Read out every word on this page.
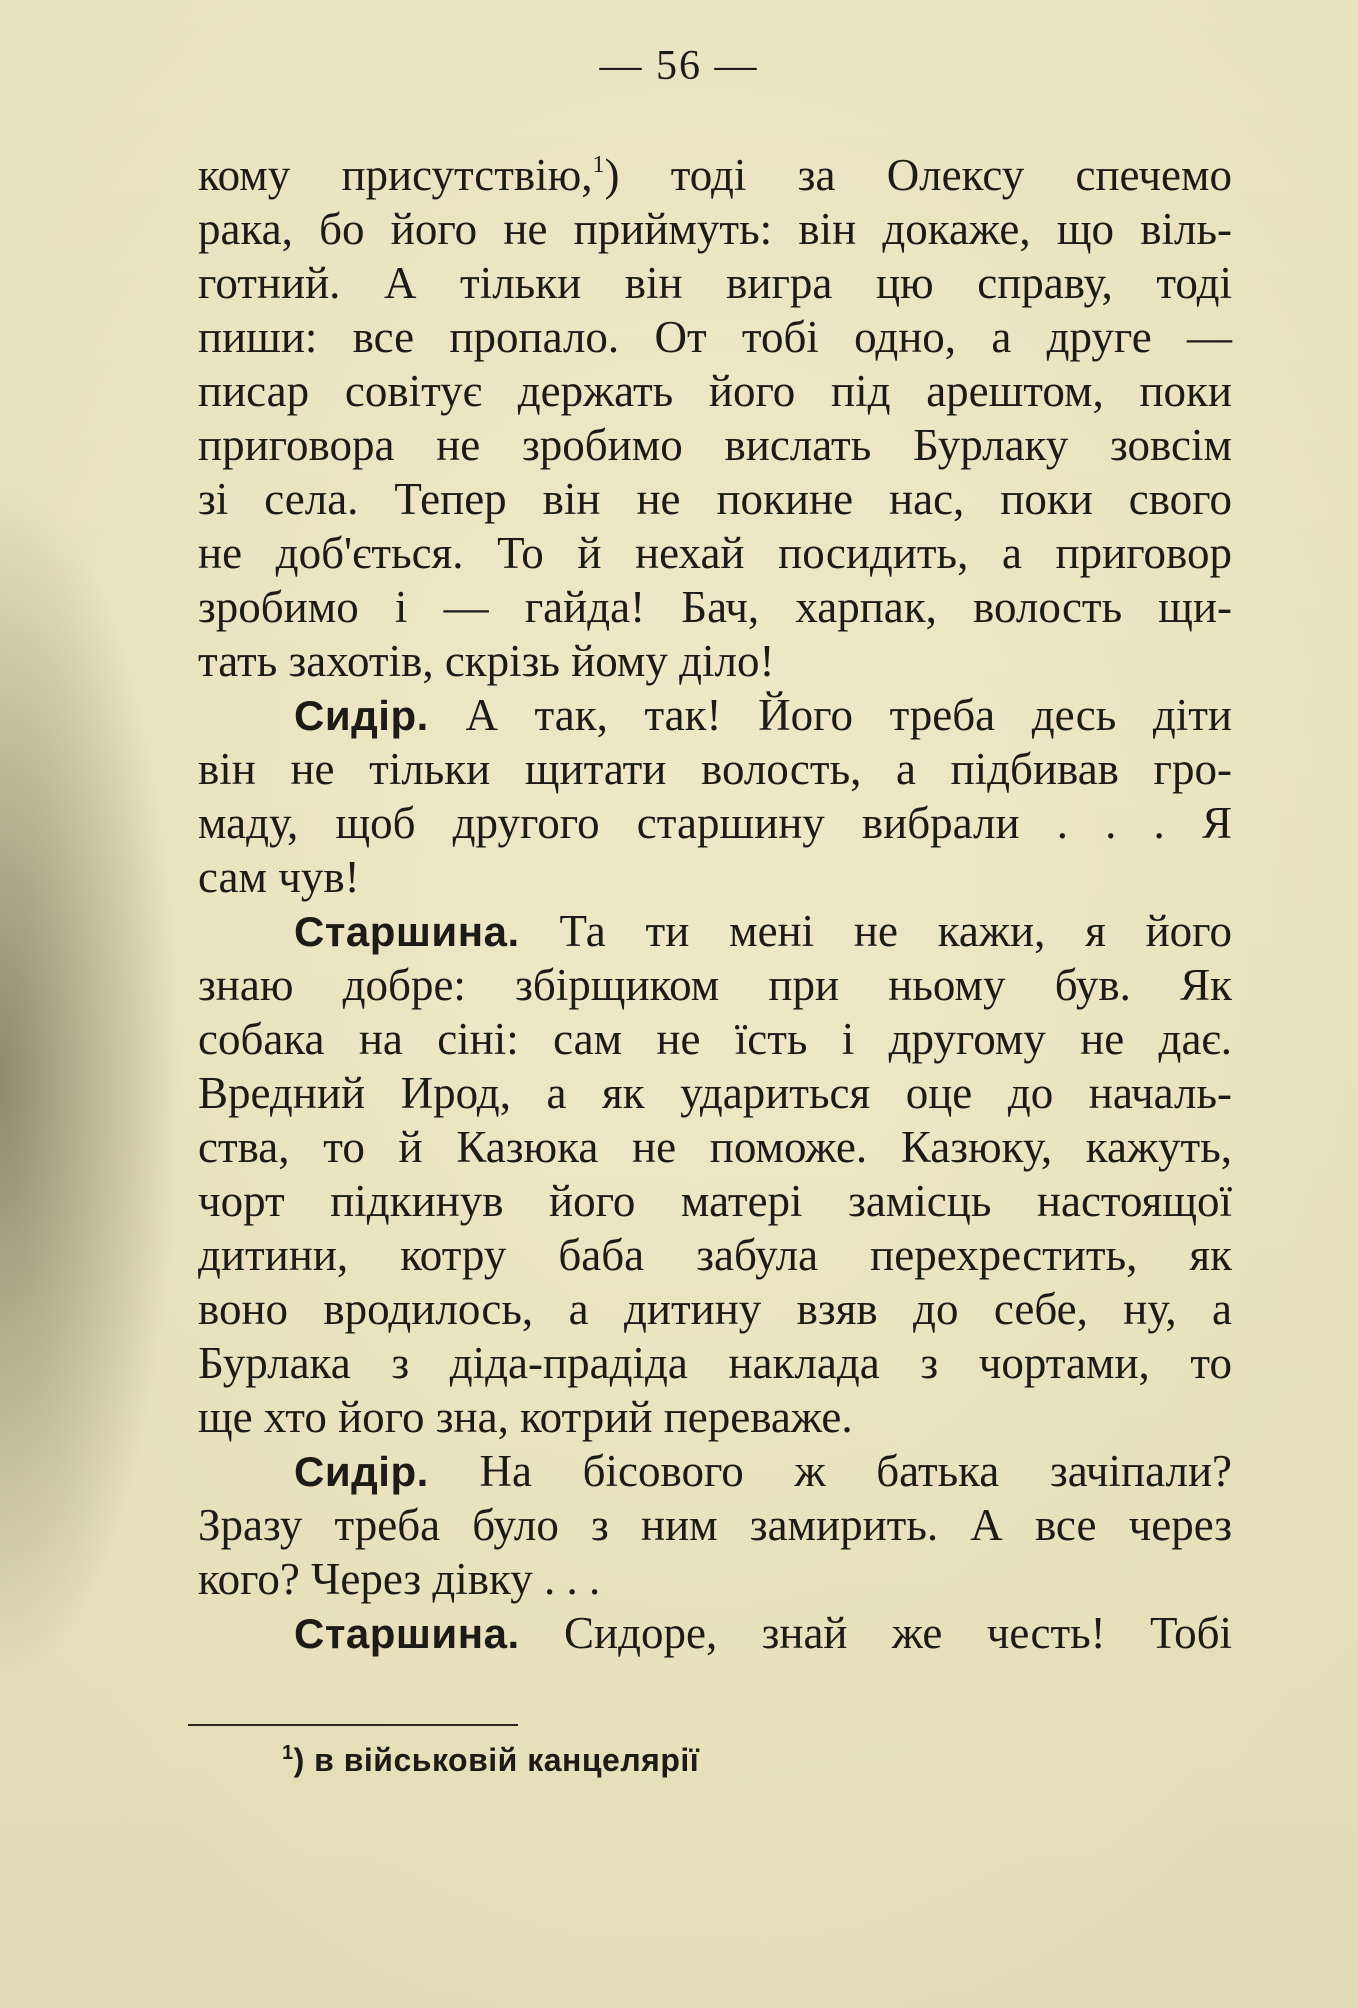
— 56 —
кому присутствію,$^1$) тоді за Олексу спечемо
рака, бо його не приймуть: він докаже, що віль-
готний. А тільки він вигра цю справу, тоді
пиши: все пропало. От тобі одно, а друге —
писар совітує держать його під арештом, поки
приговора не зробимо вислать Бурлаку зовсім
зі села. Тепер він не покине нас, поки свого
не доб'ється. То й нехай посидить, а приговор
зробимо і — гайда! Бач, харпак, волость щи-
тать захотів, скрізь йому діло!
Сидір. А так, так! Його треба десь діти
він не тільки щитати волость, а підбивав гро-
маду, щоб другого старшину вибрали . . . Я
сам чув!
Старшина. Та ти мені не кажи, я його
знаю добре: збірщиком при ньому був. Як
собака на сіні: сам не їсть і другому не дає.
Вредний Ирод, а як удариться оце до началь-
ства, то й Казюка не поможе. Казюку, кажуть,
чорт підкинув його матері замісць настоящої
дитини, котру баба забула перехрестить, як
воно вродилось, а дитину взяв до себе, ну, а
Бурлака з діда-прадіда наклада з чортами, то
ще хто його зна, котрий переваже.
Сидір. На бісового ж батька зачіпали?
Зразу треба було з ним замирить. А все через
кого? Через дівку . . .
Старшина. Сидоре, знай же честь! Тобі
$^1$) в військовій канцелярії
